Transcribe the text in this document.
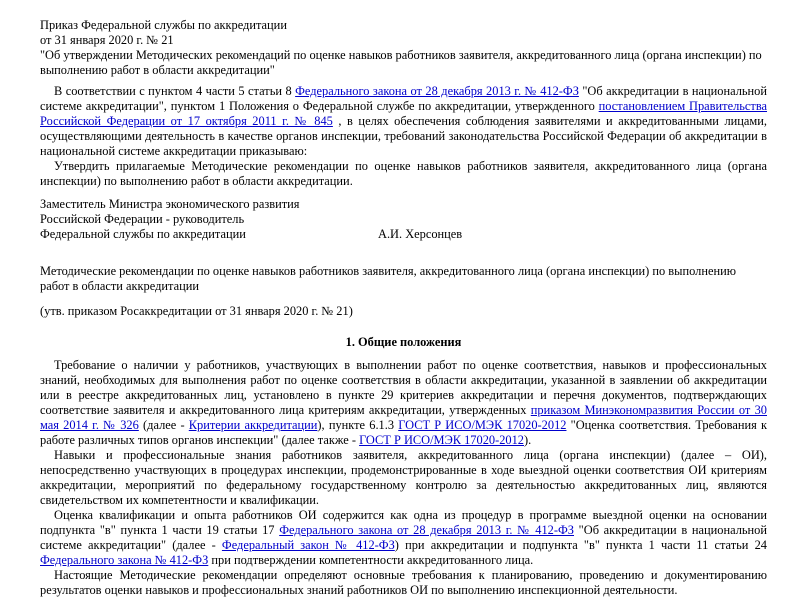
Приказ Федеральной службы по аккредитации
от 31 января 2020 г. № 21
"Об утверждении Методических рекомендаций по оценке навыков работников заявителя, аккредитованного лица (органа инспекции) по выполнению работ в области аккредитации"

В соответствии с пунктом 4 части 5 статьи 8 Федерального закона от 28 декабря 2013 г. № 412-ФЗ "Об аккредитации в национальной системе аккредитации", пунктом 1 Положения о Федеральной службе по аккредитации, утвержденного постановлением Правительства Российской Федерации от 17 октября 2011 г. № 845 , в целях обеспечения соблюдения заявителями и аккредитованными лицами, осуществляющими деятельность в качестве органов инспекции, требований законодательства Российской Федерации об аккредитации в национальной системе аккредитации приказываю:

Утвердить прилагаемые Методические рекомендации по оценке навыков работников заявителя, аккредитованного лица (органа инспекции) по выполнению работ в области аккредитации.

Заместитель Министра экономического развития
Российской Федерации - руководитель
Федеральной службы по аккредитации	А.И. Херсонцев
Методические рекомендации по оценке навыков работников заявителя, аккредитованного лица (органа инспекции) по выполнению работ в области аккредитации
(утв. приказом Росаккредитации от 31 января 2020 г. № 21)
1. Общие положения

Требование о наличии у работников, участвующих в выполнении работ по оценке соответствия, навыков и профессиональных знаний, необходимых для выполнения работ по оценке соответствия в области аккредитации, указанной в заявлении об аккредитации или в реестре аккредитованных лиц, установлено в пункте 29 критериев аккредитации и перечня документов, подтверждающих соответствие заявителя и аккредитованного лица критериям аккредитации, утвержденных приказом Минэкономразвития России от 30 мая 2014 г. № 326 (далее - Критерии аккредитации), пункте 6.1.3 ГОСТ Р ИСО/МЭК 17020-2012 "Оценка соответствия. Требования к работе различных типов органов инспекции" (далее также - ГОСТ Р ИСО/МЭК 17020-2012).

Навыки и профессиональные знания работников заявителя, аккредитованного лица (органа инспекции) (далее – ОИ), непосредственно участвующих в процедурах инспекции, продемонстрированные в ходе выездной оценки соответствия ОИ критериям аккредитации, мероприятий по федеральному государственному контролю за деятельностью аккредитованных лиц, являются свидетельством их компетентности и квалификации.

Оценка квалификации и опыта работников ОИ содержится как одна из процедур в программе выездной оценки на основании подпункта "в" пункта 1 части 19 статьи 17 Федерального закона от 28 декабря 2013 г. № 412-ФЗ "Об аккредитации в национальной системе аккредитации" (далее - Федеральный закон № 412-ФЗ) при аккредитации и подпункта "в" пункта 1 части 11 статьи 24 Федерального закона № 412-ФЗ при подтверждении компетентности аккредитованного лица.

Настоящие Методические рекомендации определяют основные требования к планированию, проведению и документированию результатов оценки навыков и профессиональных знаний работников ОИ по выполнению инспекционной деятельности.
